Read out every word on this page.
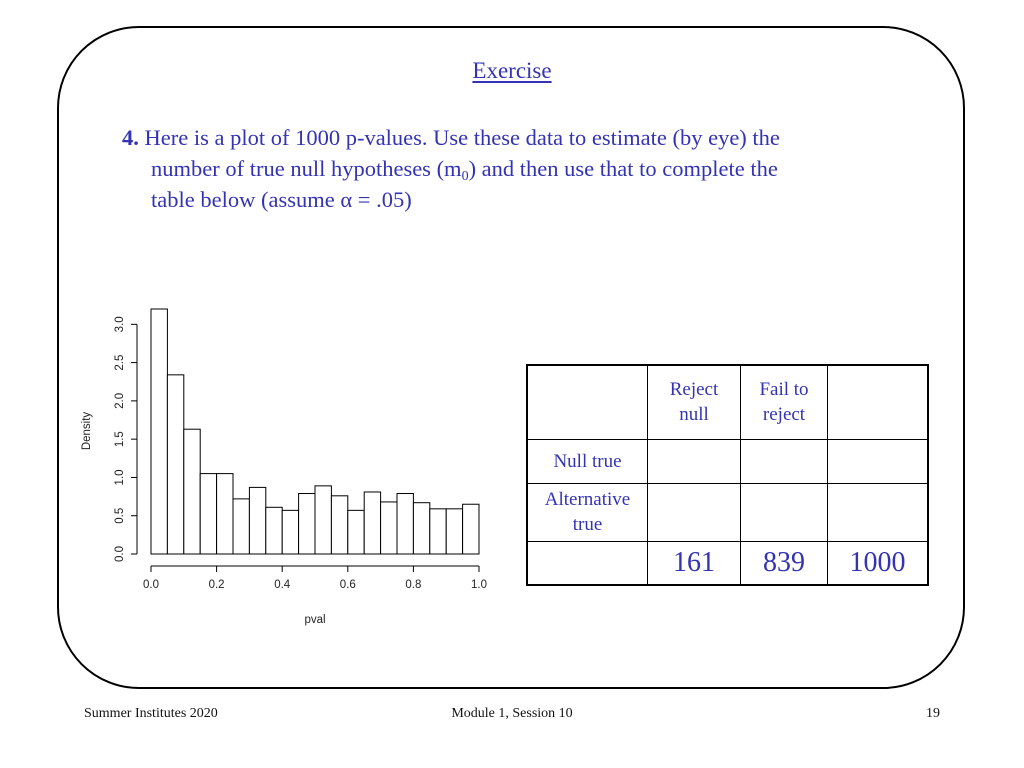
Exercise
4. Here is a plot of 1000 p-values. Use these data to estimate (by eye) the
number of true null hypotheses $(m_0)$ and then use that to complete the
table below (assume α = .05)
0.0	0.2	0.4	0.6	0.8	1.0
0.0
0.5
1.0
1.5
2.0
2.5
3.0
pval
Density

	Reject null	Fail to reject	

Null true			

Alternative true			

	161	839	1000
Summer Institutes 2020	Module 1, Session 10	19
